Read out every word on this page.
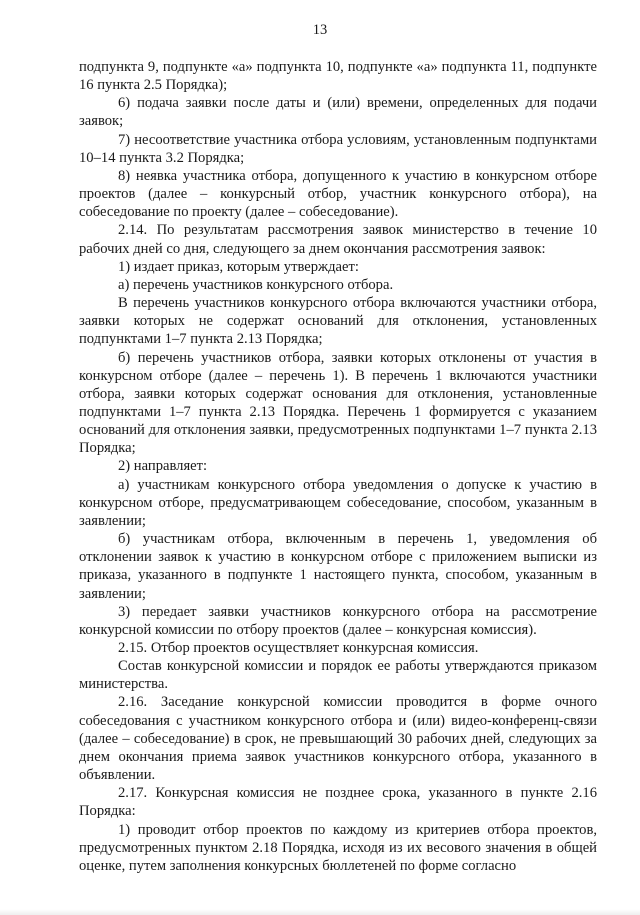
13

подпункта 9, подпункте «а» подпункта 10, подпункте «а» подпункта 11, подпункте 16 пункта 2.5 Порядка);

6) подача заявки после даты и (или) времени, определенных для подачи заявок;

7) несоответствие участника отбора условиям, установленным подпунктами 10–14 пункта 3.2 Порядка;

8) неявка участника отбора, допущенного к участию в конкурсном отборе проектов (далее – конкурсный отбор, участник конкурсного отбора), на собеседование по проекту (далее – собеседование).

2.14. По результатам рассмотрения заявок министерство в течение 10 рабочих дней со дня, следующего за днем окончания рассмотрения заявок:

1) издает приказ, которым утверждает:

а) перечень участников конкурсного отбора.

В перечень участников конкурсного отбора включаются участники отбора, заявки которых не содержат оснований для отклонения, установленных подпунктами 1–7 пункта 2.13 Порядка;

б) перечень участников отбора, заявки которых отклонены от участия в конкурсном отборе (далее – перечень 1). В перечень 1 включаются участники отбора, заявки которых содержат основания для отклонения, установленные подпунктами 1–7 пункта 2.13 Порядка. Перечень 1 формируется с указанием оснований для отклонения заявки, предусмотренных подпунктами 1–7 пункта 2.13 Порядка;

2) направляет:

а) участникам конкурсного отбора уведомления о допуске к участию в конкурсном отборе, предусматривающем собеседование, способом, указанным в заявлении;

б) участникам отбора, включенным в перечень 1, уведомления об отклонении заявок к участию в конкурсном отборе с приложением выписки из приказа, указанного в подпункте 1 настоящего пункта, способом, указанным в заявлении;

3) передает заявки участников конкурсного отбора на рассмотрение конкурсной комиссии по отбору проектов (далее – конкурсная комиссия).

2.15. Отбор проектов осуществляет конкурсная комиссия.

Состав конкурсной комиссии и порядок ее работы утверждаются приказом министерства.

2.16. Заседание конкурсной комиссии проводится в форме очного собеседования с участником конкурсного отбора и (или) видео-конференц-связи (далее – собеседование) в срок, не превышающий 30 рабочих дней, следующих за днем окончания приема заявок участников конкурсного отбора, указанного в объявлении.

2.17. Конкурсная комиссия не позднее срока, указанного в пункте 2.16 Порядка:

1) проводит отбор проектов по каждому из критериев отбора проектов, предусмотренных пунктом 2.18 Порядка, исходя из их весового значения в общей оценке, путем заполнения конкурсных бюллетеней по форме согласно
